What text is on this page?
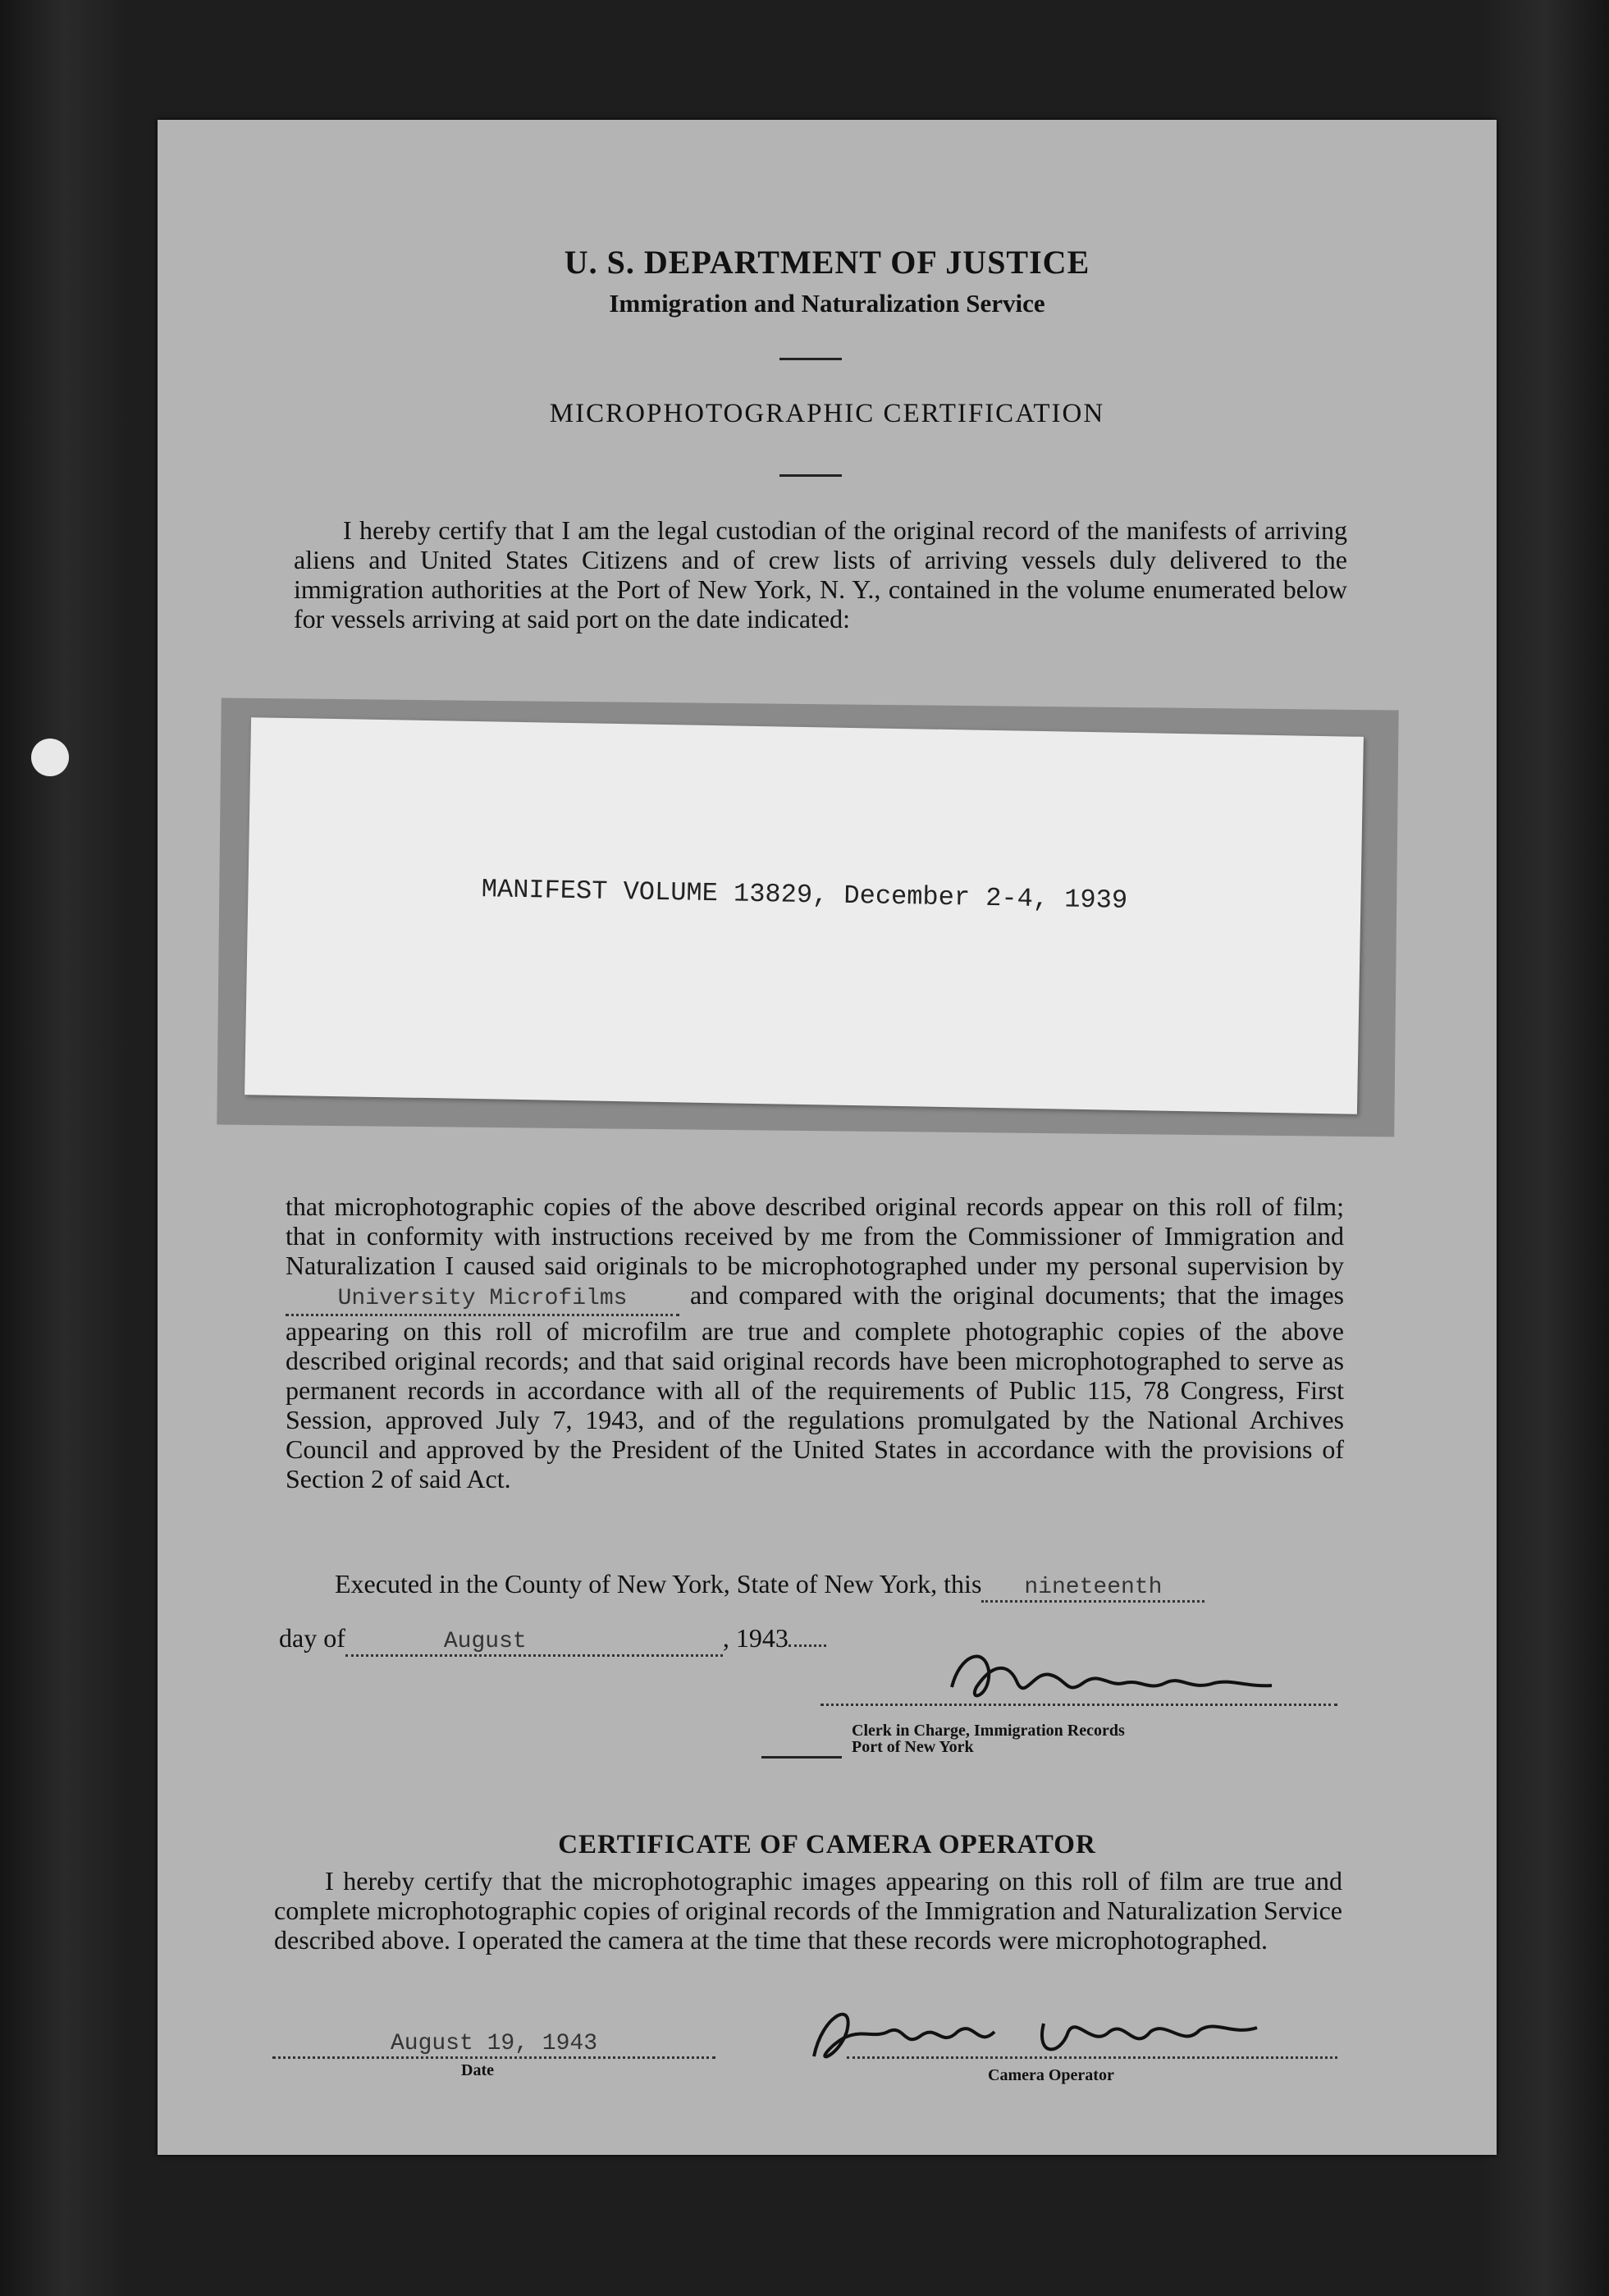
U. S. DEPARTMENT OF JUSTICE
Immigration and Naturalization Service
MICROPHOTOGRAPHIC CERTIFICATION
I hereby certify that I am the legal custodian of the original record of the manifests of arriving aliens and United States Citizens and of crew lists of arriving vessels duly delivered to the immigration authorities at the Port of New York, N. Y., contained in the volume enumerated below for vessels arriving at said port on the date indicated:
MANIFEST VOLUME 13829, December 2-4, 1939
that microphotographic copies of the above described original records appear on this roll of film; that in conformity with instructions received by me from the Commissioner of Immigration and Naturalization I caused said originals to be microphotographed under my personal supervision by University Microfilms and compared with the original documents; that the images appearing on this roll of microfilm are true and complete photographic copies of the above described original records; and that said original records have been microphotographed to serve as permanent records in accordance with all of the requirements of Public 115, 78 Congress, First Session, approved July 7, 1943, and of the regulations promulgated by the National Archives Council and approved by the President of the United States in accordance with the provisions of Section 2 of said Act.
Executed in the County of New York, State of New York, this nineteenth
day of	August	, 1943
Clerk in Charge, Immigration Records
Port of New York
CERTIFICATE OF CAMERA OPERATOR
I hereby certify that the microphotographic images appearing on this roll of film are true and complete microphotographic copies of original records of the Immigration and Naturalization Service described above. I operated the camera at the time that these records were microphotographed.
August 19, 1943
Date	Camera Operator
